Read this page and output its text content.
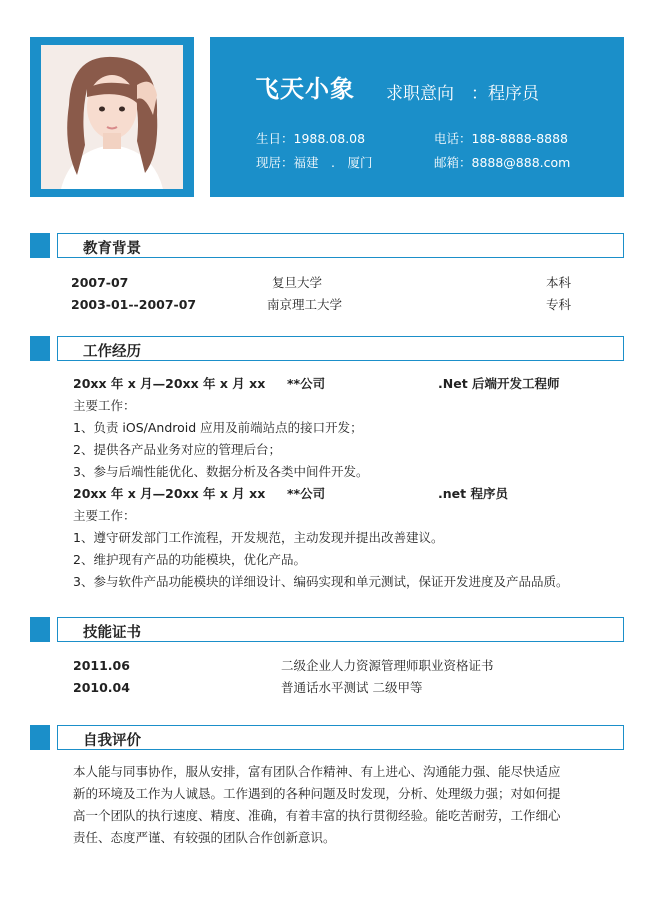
飞天小象 求职意向　：程序员
生日：1988.08.08	电话：188-8888-8888
现居：福建　.　厦门	邮箱：8888@888.com
教育背景
2007-07	复旦大学	本科
2003-01--2007-07	南京理工大学	专科
工作经历
20xx 年 x 月—20xx 年 x 月 xx **公司	.Net 后端开发工程师
主要工作：
1、负责 iOS/Android 应用及前端站点的接口开发；
2、提供各产品业务对应的管理后台；
3、参与后端性能优化、数据分析及各类中间件开发。
20xx 年 x 月—20xx 年 x 月 xx **公司	.net 程序员
主要工作：
1、遵守研发部门工作流程，开发规范，主动发现并提出改善建议。
2、维护现有产品的功能模块，优化产品。
3、参与软件产品功能模块的详细设计、编码实现和单元测试，保证开发进度及产品品质。
技能证书
2011.06	二级企业人力资源管理师职业资格证书
2010.04	普通话水平测试 二级甲等
自我评价
本人能与同事协作，服从安排，富有团队合作精神、有上进心、沟通能力强、能尽快适应
新的环境及工作为人诚恳。工作遇到的各种问题及时发现，分析、处理级力强；对如何提
高一个团队的执行速度、精度、准确，有着丰富的执行贯彻经验。能吃苦耐劳，工作细心
责任、态度严谨、有较强的团队合作创新意识。
